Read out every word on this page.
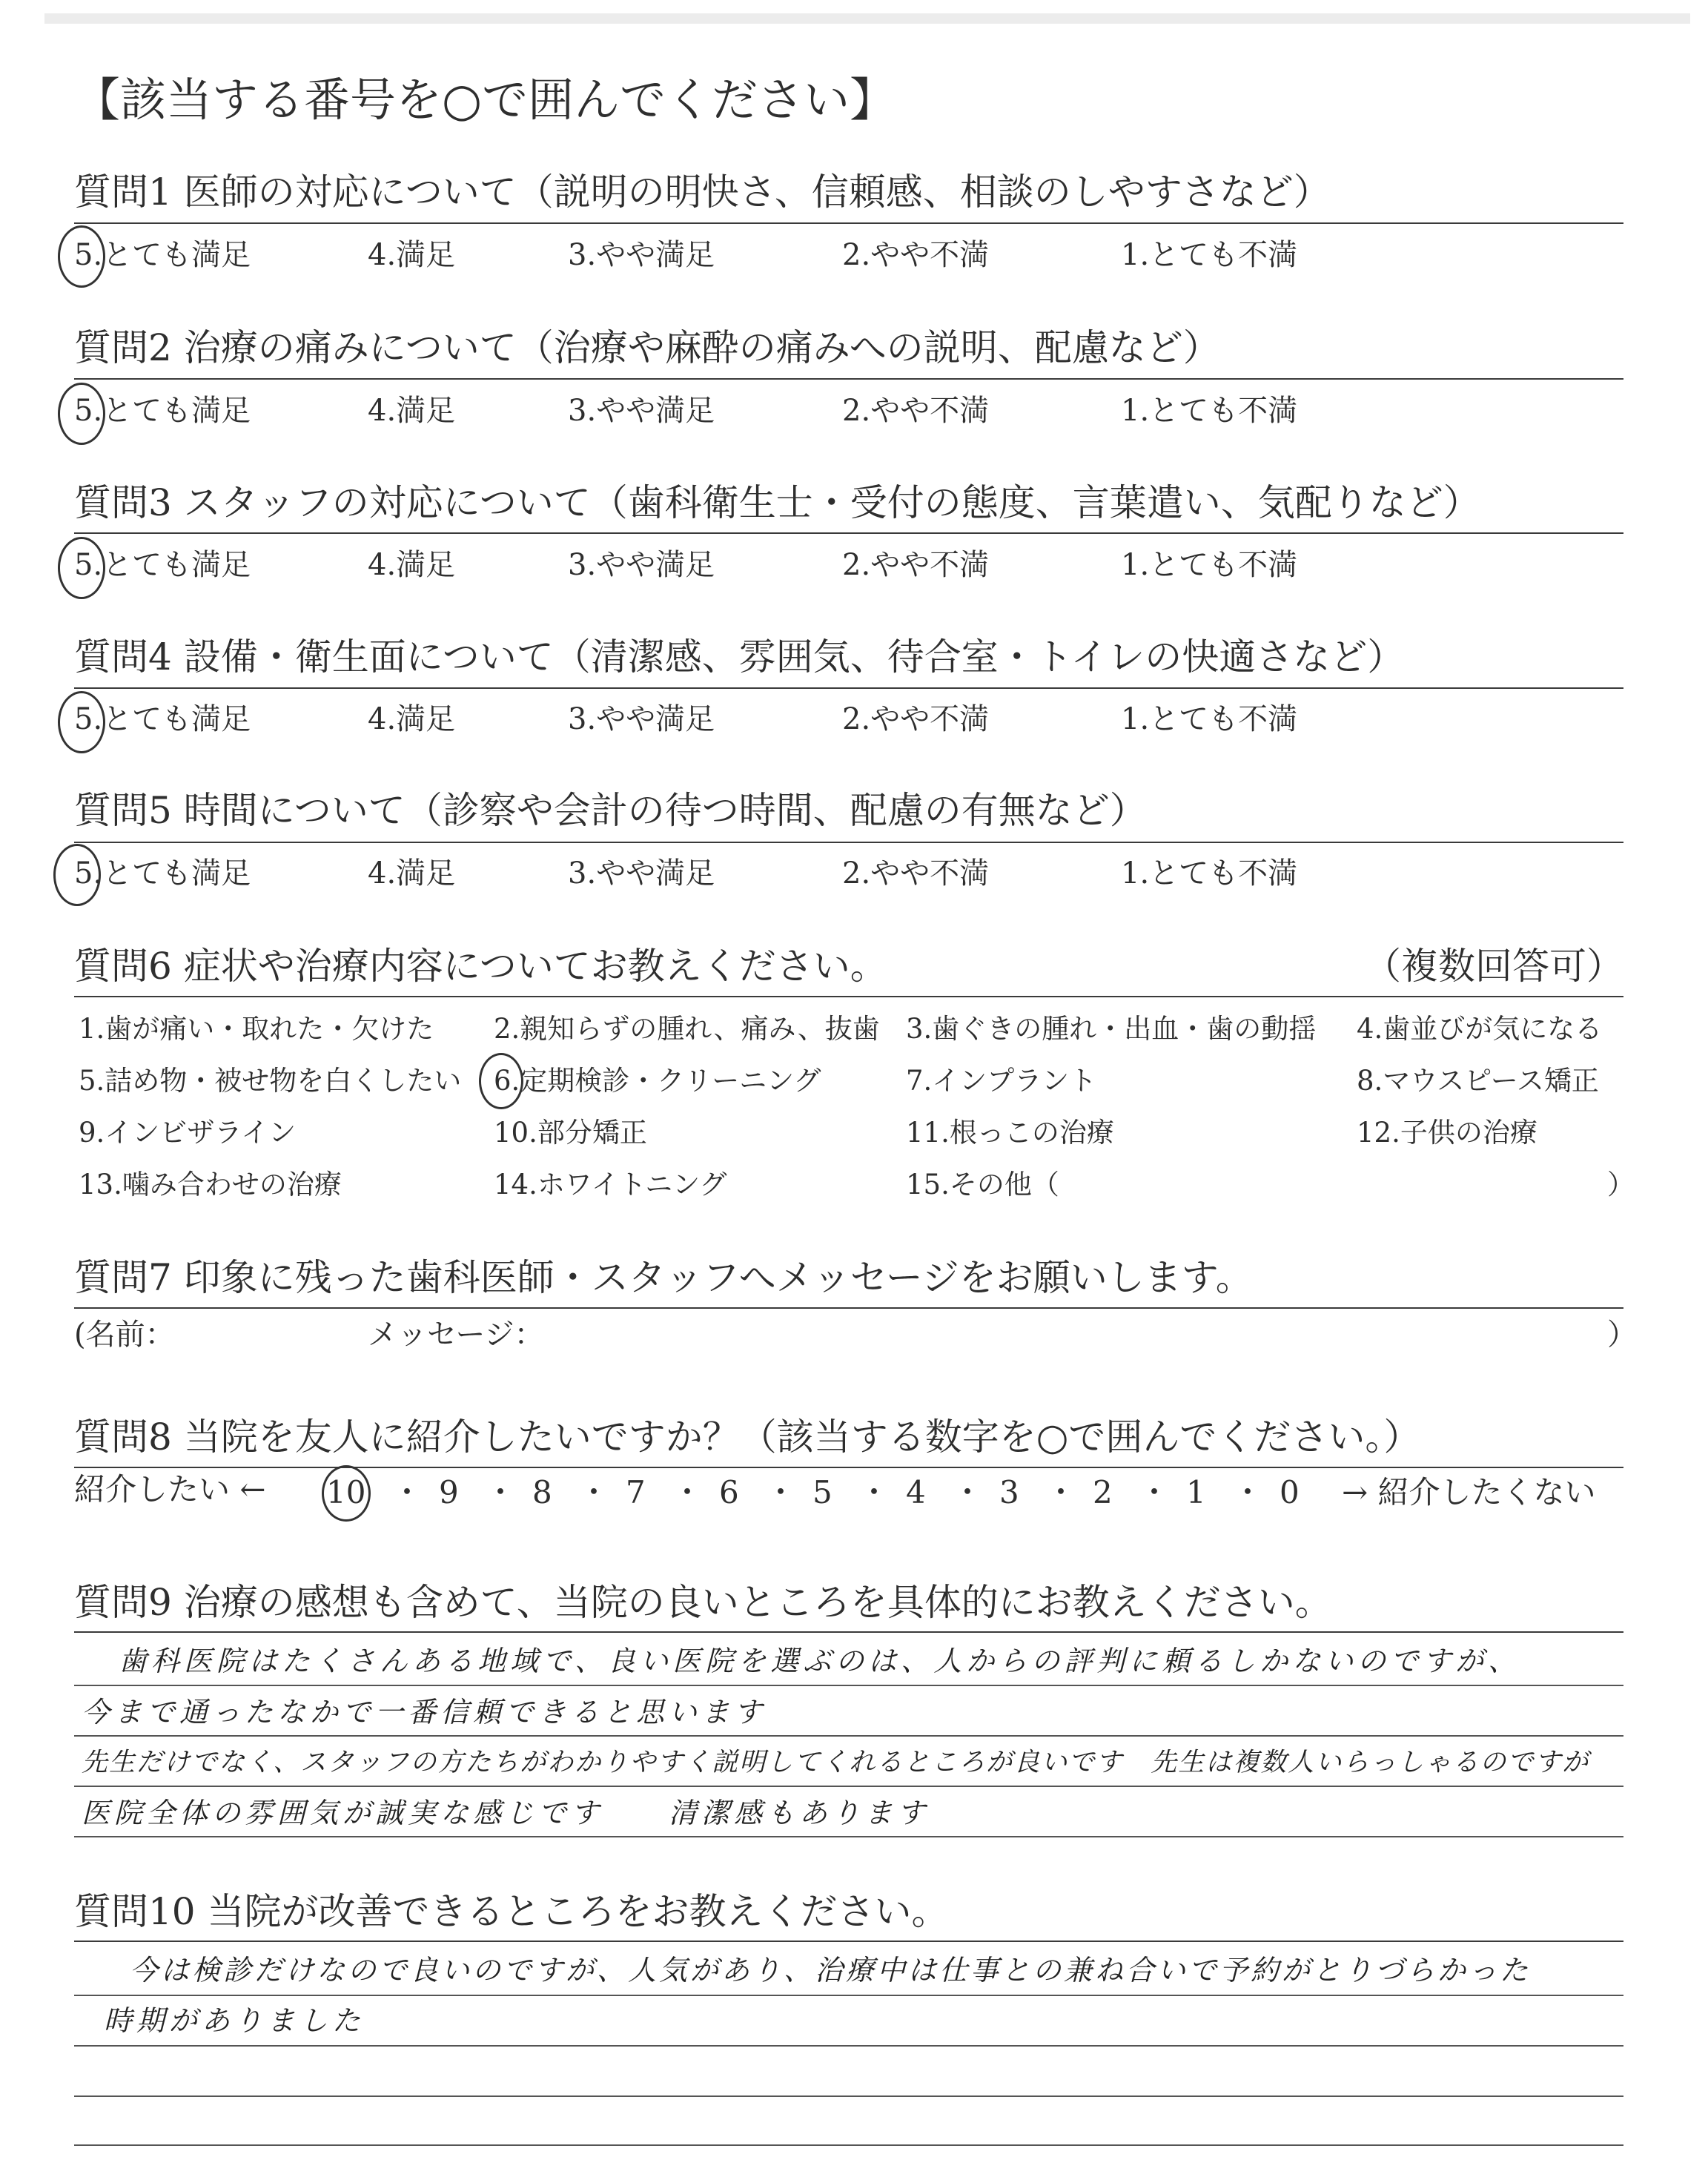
【該当する番号を○で囲んでください】
質問1 医師の対応について（説明の明快さ、信頼感、相談のしやすさなど）
5.とても満足	4.満足	3.やや満足	2.やや不満	1.とても不満
質問2 治療の痛みについて（治療や麻酔の痛みへの説明、配慮など）
5.とても満足	4.満足	3.やや満足	2.やや不満	1.とても不満
質問3 スタッフの対応について（歯科衛生士・受付の態度、言葉遣い、気配りなど）
5.とても満足	4.満足	3.やや満足	2.やや不満	1.とても不満
質問4 設備・衛生面について（清潔感、雰囲気、待合室・トイレの快適さなど）
5.とても満足	4.満足	3.やや満足	2.やや不満	1.とても不満
質問5 時間について（診察や会計の待つ時間、配慮の有無など）
5.とても満足	4.満足	3.やや満足	2.やや不満	1.とても不満
質問6 症状や治療内容についてお教えください。	（複数回答可）
1.歯が痛い・取れた・欠けた 2.親知らずの腫れ、痛み、抜歯 3.歯ぐきの腫れ・出血・歯の動揺 4.歯並びが気になる
5.詰め物・被せ物を白くしたい 6.定期検診・クリーニング	7.インプラント	8.マウスピース矯正
9.インビザライン	10.部分矯正	11.根っこの治療	12.子供の治療
13.噛み合わせの治療	14.ホワイトニング	15.その他（	）
質問7 印象に残った歯科医師・スタッフへメッセージをお願いします。
(名前：	メッセージ：	）
質問8 当院を友人に紹介したいですか？（該当する数字を○で囲んでください。）
紹介したい ← 10 ・ 9 ・ 8 ・ 7 ・ 6 ・ 5 ・ 4 ・ 3 ・ 2 ・ 1 ・ 0 → 紹介したくない
質問9 治療の感想も含めて、当院の良いところを具体的にお教えください。
歯科医院はたくさんある地域で、良い医院を選ぶのは、人からの評判に頼るしかないのですが、
今まで通ったなかで一番信頼できると思います
先生だけでなく、スタッフの方たちがわかりやすく説明してくれるところが良いです　先生は複数人いらっしゃるのですが
医院全体の雰囲気が誠実な感じです　　清潔感もあります
質問10 当院が改善できるところをお教えください。
今は検診だけなので良いのですが、人気があり、治療中は仕事との兼ね合いで予約がとりづらかった
時期がありました
